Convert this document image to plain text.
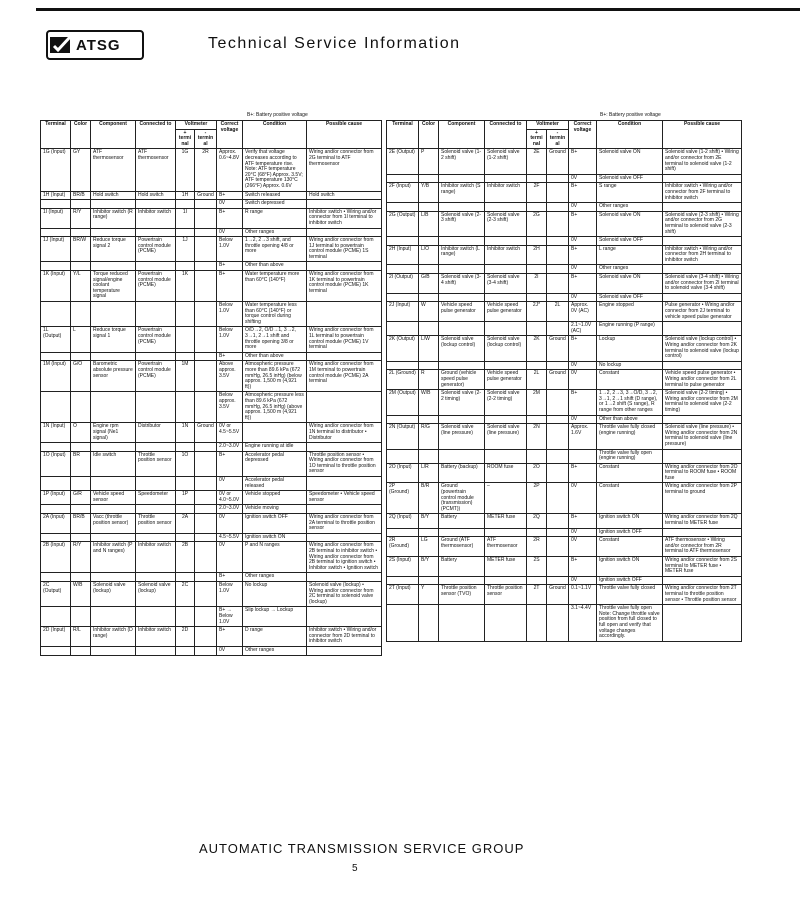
ATSG	Technical Service Information
B+: Battery positive voltage	B+: Battery positive voltage
Terminal	Color	Component	Connected to	Voltmeter		Correct voltage	Condition	Possible cause
				+ terminal	- terminal			
1G (Input)	GY	ATF thermosensor	ATF thermosensor	1G	2R	Approx. 0.6~4.8V	Verify that voltage decreases according to ATF temperature rise. Note: ATF temperature 20°C (68°F) Approx. 3.5V; ATF temperature 130°C (266°F) Approx. 0.6V	Wiring and/or connector from 2G terminal to ATF thermosensor
1H (Input)	BR/B	Hold switch	Hold switch	1H	Ground	B+	Switch released	Hold switch
						0V	Switch depressed	
1I (Input)	R/Y	Inhibitor switch (R range)	Inhibitor switch	1I		B+	R range	Inhibitor switch • Wiring and/or connector from 1I terminal to inhibitor switch
						0V	Other ranges	
1J (Input)	BR/W	Reduce torque signal 2	Powertrain control module (PCME)	1J		Below 1.0V	1→2, 2→3 shift, and throttle opening 4/8 or more	Wiring and/or connector from 1J terminal to powertrain control module (PCME) 1S terminal
						B+	Other than above	
1K (Input)	Y/L	Torque reduced signal/engine coolant temperature signal	Powertrain control module (PCME)	1K		B+	Water temperature more than 60°C (140°F)	Wiring and/or connector from 1K terminal to powertrain control module (PCME) 1K terminal
						Below 1.0V	Water temperature less than 60°C (140°F) or torque control during shifting	
1L (Output)	L	Reduce torque signal 1	Powertrain control module (PCME)			Below 1.0V	O/D→2, O/D→1, 3→2, 3→1, 2→1 shift and throttle opening 3/8 or more	Wiring and/or connector from 1L terminal to powertrain control module (PCME) 1V terminal
						B+	Other than above	
1M (Input)	G/O	Barometric absolute pressure sensor	Powertrain control module (PCME)	1M		Above approx. 3.5V	Atmospheric pressure more than 89.6 kPa (672 mmHg, 26.5 inHg) (below approx. 1,500 m (4,921 ft))	Wiring and/or connector from 1M terminal to powertrain control module (PCME) 2A terminal
						Below approx. 3.5V	Atmospheric pressure less than 89.6 kPa (672 mmHg, 26.5 inHg) (above approx. 1,500 m (4,921 ft))	
1N (Input)	O	Engine rpm signal (Ne1 signal)	Distributor	1N	Ground	0V or 4.5~5.5V		Wiring and/or connector from 1N terminal to distributor • Distributor
						2.0~3.0V	Engine running at idle	
1O (Input)	BR	Idle switch	Throttle position sensor	1O		B+	Accelerator pedal depressed	Throttle position sensor • Wiring and/or connector from 1O terminal to throttle position sensor
						0V	Accelerator pedal released	
1P (Input)	G/R	Vehicle speed sensor	Speedometer	1P		0V or 4.0~5.0V	Vehicle stopped	Speedometer • Vehicle speed sensor
						2.0~3.0V	Vehicle moving	
2A (Input)	BR/B	Vacc (throttle position sensor)	Throttle position sensor	2A		0V	Ignition switch OFF	Wiring and/or connector from 2A terminal to throttle position sensor
						4.5~5.5V	Ignition switch ON	
2B (Input)	R/Y	Inhibitor switch (P and N ranges)	Inhibitor switch	2B		0V	P and N ranges	Wiring and/or connector from 2B terminal to inhibitor switch • Wiring and/or connector from 2B terminal to ignition switch • Inhibitor switch • Ignition switch
						B+	Other ranges	
2C (Output)	W/B	Solenoid valve (lockup)	Solenoid valve (lockup)	2C		Below 1.0V	No lockup	Solenoid valve (lockup) • Wiring and/or connector from 2C terminal to solenoid valve (lockup)
						B+ → Below 1.0V	Slip lockup → Lockup	
2D (Input)	R/L	Inhibitor switch (D range)	Inhibitor switch	2D		B+	D range	Inhibitor switch • Wiring and/or connector from 2D terminal to inhibitor switch
						0V	Other ranges	
Terminal	Color	Component	Connected to	Voltmeter		Correct voltage	Condition	Possible cause
				+ terminal	- terminal			
2E (Output)	P	Solenoid valve (1-2 shift)	Solenoid valve (1-2 shift)	2E	Ground	B+	Solenoid valve ON	Solenoid valve (1-2 shift) • Wiring and/or connector from 2E terminal to solenoid valve (1-2 shift)
						0V	Solenoid valve OFF	
2F (Input)	Y/B	Inhibitor switch (S range)	Inhibitor switch	2F		B+	S range	Inhibitor switch • Wiring and/or connector from 2F terminal to inhibitor switch
						0V	Other ranges	
2G (Output)	L/B	Solenoid valve (2-3 shift)	Solenoid valve (2-3 shift)	2G		B+	Solenoid valve ON	Solenoid valve (2-3 shift) • Wiring and/or connector from 2G terminal to solenoid valve (2-3 shift)
						0V	Solenoid valve OFF	
2H (Input)	L/O	Inhibitor switch (L range)	Inhibitor switch	2H		B+	L range	Inhibitor switch • Wiring and/or connector from 2H terminal to inhibitor switch
						0V	Other ranges	
2I (Output)	G/B	Solenoid valve (3-4 shift)	Solenoid valve (3-4 shift)	2I		B+	Solenoid valve ON	Solenoid valve (3-4 shift) • Wiring and/or connector from 2I terminal to solenoid valve (3-4 shift)
						0V	Solenoid valve OFF	
2J (Input)	W	Vehicle speed pulse generator	Vehicle speed pulse generator	2J*	2L	Approx. 0V (AC)	Engine stopped	Pulse generator • Wiring and/or connector from 2J terminal to vehicle speed pulse generator
						2.1~1.0V (AC)	Engine running (P range)	
2K (Output)	L/W	Solenoid valve (lockup control)	Solenoid valve (lockup control)	2K	Ground	B+	Lockup	Solenoid valve (lockup control) • Wiring and/or connector from 2K terminal to solenoid valve (lockup control)
						0V	No lockup	
2L (Ground)	R	Ground (vehicle speed pulse generator)	Vehicle speed pulse generator	2L	Ground	0V	Constant	Vehicle speed pulse generator • Wiring and/or connector from 2L terminal to pulse generator
2M (Output)	W/B	Solenoid valve (2-2 timing)	Solenoid valve (2-2 timing)	2M		B+	1→2, 2→3, 3→O/D, 3→2, 3→1, 2→1 shift (D range), or 1→2 shift (S range), R range from other ranges	Solenoid valve (2-2 timing) • Wiring and/or connector from 2M terminal to solenoid valve (2-2 timing)
						0V	Other than above	
2N (Output)	R/G	Solenoid valve (line pressure)	Solenoid valve (line pressure)	2N		Approx. 1.6V	Throttle valve fully closed (engine running)	Solenoid valve (line pressure) • Wiring and/or connector from 2N terminal to solenoid valve (line pressure)
							Throttle valve fully open (engine running)	
2O (Input)	L/R	Battery (backup)	ROOM fuse	2O		B+	Constant	Wiring and/or connector from 2O terminal to ROOM fuse • ROOM fuse
2P (Ground)	B/R	Ground (powertrain control module (transmission) (PCMT))	–	2P		0V	Constant	Wiring and/or connector from 2P terminal to ground
2Q (Input)	B/Y	Battery	METER fuse	2Q		B+	Ignition switch ON	Wiring and/or connector from 2Q terminal to METER fuse
						0V	Ignition switch OFF	
2R (Ground)	LG	Ground (ATF thermosensor)	ATF thermosensor	2R		0V	Constant	ATF thermosensor • Wiring and/or connector from 2R terminal to ATF thermosensor
2S (Input)	B/Y	Battery	METER fuse	2S		B+	Ignition switch ON	Wiring and/or connector from 2S terminal to METER fuse • METER fuse
						0V	Ignition switch OFF	
2T (Input)	Y	Throttle position sensor (TVO)	Throttle position sensor	2T	Ground	0.1~1.1V	Throttle valve fully closed	Wiring and/or connector from 2T terminal to throttle position sensor • Throttle position sensor
						3.1~4.4V	Throttle valve fully open Note: Change throttle valve position from full closed to full open and verify that voltage changes accordingly.	
AUTOMATIC TRANSMISSION SERVICE GROUP
5
